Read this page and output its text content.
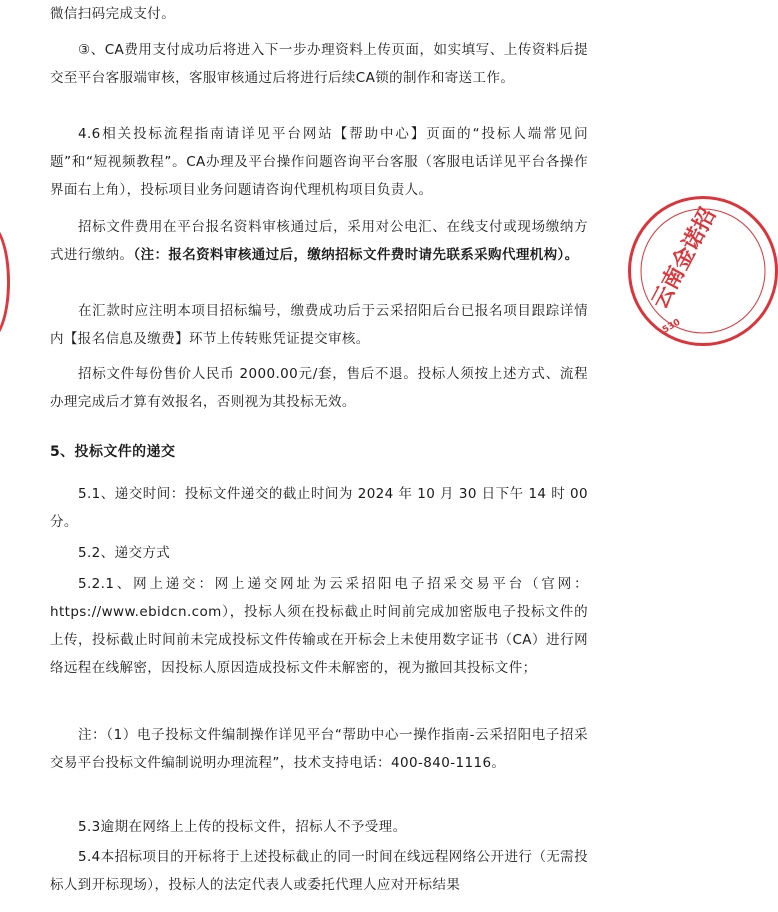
微信扫码完成支付。

③、CA费用支付成功后将进入下一步办理资料上传页面，如实填写、上传资料后提交至平台客服端审核，客服审核通过后将进行后续CA锁的制作和寄送工作。

4.6相关投标流程指南请详见平台网站【帮助中心】页面的“投标人端常见问题”和“短视频教程”。CA办理及平台操作问题咨询平台客服（客服电话详见平台各操作界面右上角），投标项目业务问题请咨询代理机构项目负责人。

招标文件费用在平台报名资料审核通过后，采用对公电汇、在线支付或现场缴纳方式进行缴纳。（注：报名资料审核通过后，缴纳招标文件费时请先联系采购代理机构）。

在汇款时应注明本项目招标编号，缴费成功后于云采招阳后台已报名项目跟踪详情内【报名信息及缴费】环节上传转账凭证提交审核。

招标文件每份售价人民币 2000.00元/套，售后不退。投标人须按上述方式、流程办理完成后才算有效报名，否则视为其投标无效。

5、投标文件的递交

5.1、递交时间：投标文件递交的截止时间为 2024 年 10 月 30 日下午 14 时 00 分。

5.2、递交方式

5.2.1、网上递交：网上递交网址为云采招阳电子招采交易平台（官网：https://www.ebidcn.com），投标人须在投标截止时间前完成加密版电子投标文件的上传，投标截止时间前未完成投标文件传输或在开标会上未使用数字证书（CA）进行网络远程在线解密，因投标人原因造成投标文件未解密的，视为撤回其投标文件；

注：（1）电子投标文件编制操作详见平台“帮助中心一操作指南-云采招阳电子招采交易平台投标文件编制说明办理流程”，技术支持电话：400-840-1116。

5.3逾期在网络上上传的投标文件，招标人不予受理。

5.4本招标项目的开标将于上述投标截止的同一时间在线远程网络公开进行（无需投标人到开标现场），投标人的法定代表人或委托代理人应对开标结果

云南金诺招
530
